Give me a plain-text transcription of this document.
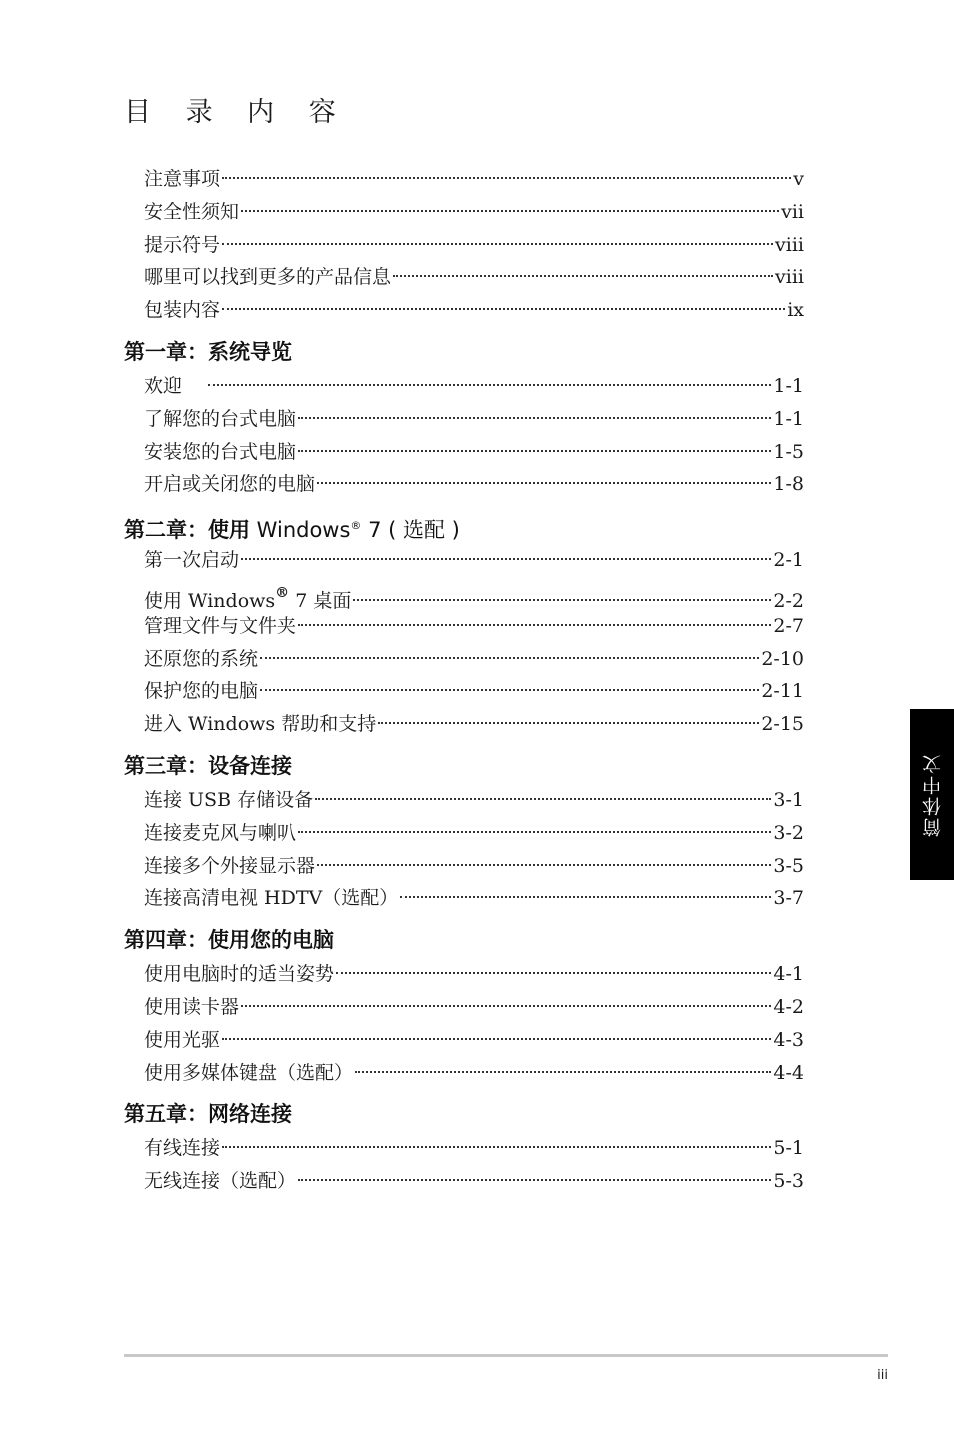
目 录 内 容
注意事项	v
安全性须知	vii
提示符号	viii
哪里可以找到更多的产品信息	viii
包装内容	ix
第一章：系统导览
欢迎	1-1
了解您的台式电脑	1-1
安装您的台式电脑	1-5
开启或关闭您的电脑	1-8
第二章：使用 Windows® 7 ( 选配 )
第一次启动	2-1
使用 Windows® 7 桌面	2-2
管理文件与文件夹	2-7
还原您的系统	2-10
保护您的电脑	2-11
进入 Windows 帮助和支持	2-15
第三章：设备连接
连接 USB 存储设备	3-1
连接麦克风与喇叭	3-2
连接多个外接显示器	3-5
连接高清电视 HDTV（选配）	3-7
第四章：使用您的电脑
使用电脑时的适当姿势	4-1
使用读卡器	4-2
使用光驱	4-3
使用多媒体键盘（选配）	4-4
第五章：网络连接
有线连接	5-1
无线连接（选配）	5-3
简体中文
iii
